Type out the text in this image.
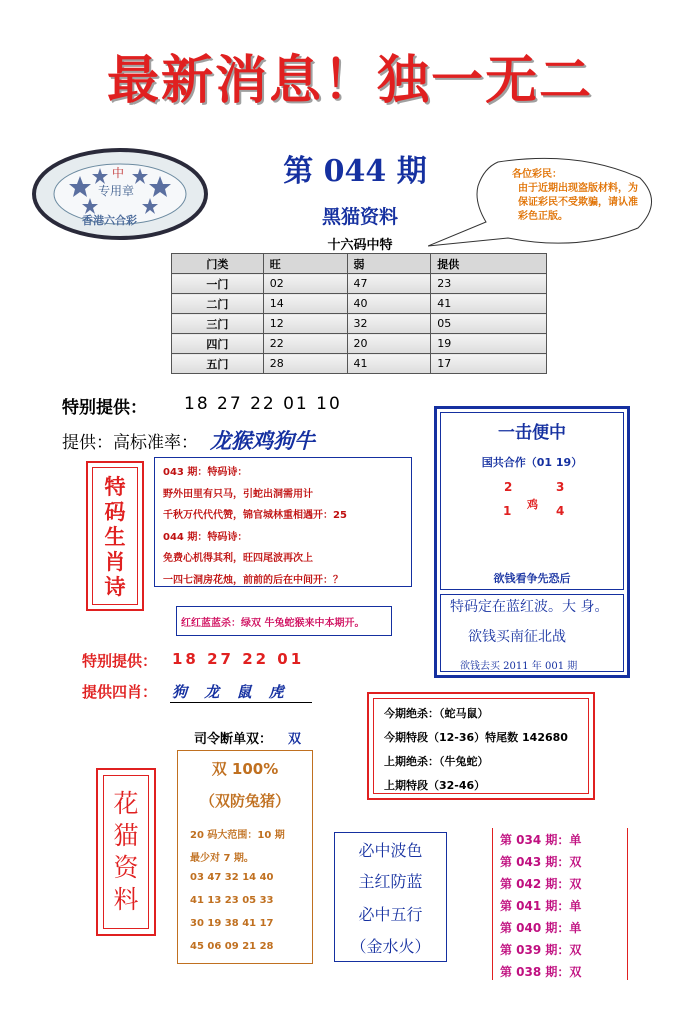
最新消息！独一无二
中
专用章
香港六合彩
第 044 期	各位彩民：
由于近期出现盗版材料，为保证彩民不受欺骗，请认准彩色正版。
黑猫资料
十六码中特
门类	旺	弱	提供
一门	02	47	23
二门	14	40	41
三门	12	32	05
四门	22	20	19
五门	28	41	17
特别提供： 18 27 22 01 10
提供：高标准率： 龙猴鸡狗牛
特
码
生
肖
诗
043 期：特码诗：
野外田里有只马，引蛇出洞需用计
千秋万代代代赞，锦官城林重相遇开：25
044 期：特码诗：
免费心机得其利，旺四尾波再次上
一四七洞房花烛，前前的后在中间开：？
红红蓝蓝杀：绿双 牛兔蛇猴来中本期开。
特别提供： 18 27 22 01
提供四肖： 狗 龙 鼠 虎
一击便中
国共合作（01 19）
2	3
鸡
1	4
欲钱看争先恐后
特码定在蓝红波。大 身。
欲钱买南征北战
欲钱去买 2011 年 001 期
今期绝杀：（蛇马鼠）
今期特段（12-36）特尾数 142680
上期绝杀：（牛兔蛇）
上期特段（32-46）
司令断单双： 双
花
猫
资
料
双 100%
（双防兔猪）
20 码大范围：10 期
最少对 7 期。
03 47 32 14 40
41 13 23 05 33
30 19 38 41 17
45 06 09 21 28
必中波色
主红防蓝
必中五行
（金水火）
第 034 期：单
第 043 期：双
第 042 期：双
第 041 期：单
第 040 期：单
第 039 期：双
第 038 期：双
